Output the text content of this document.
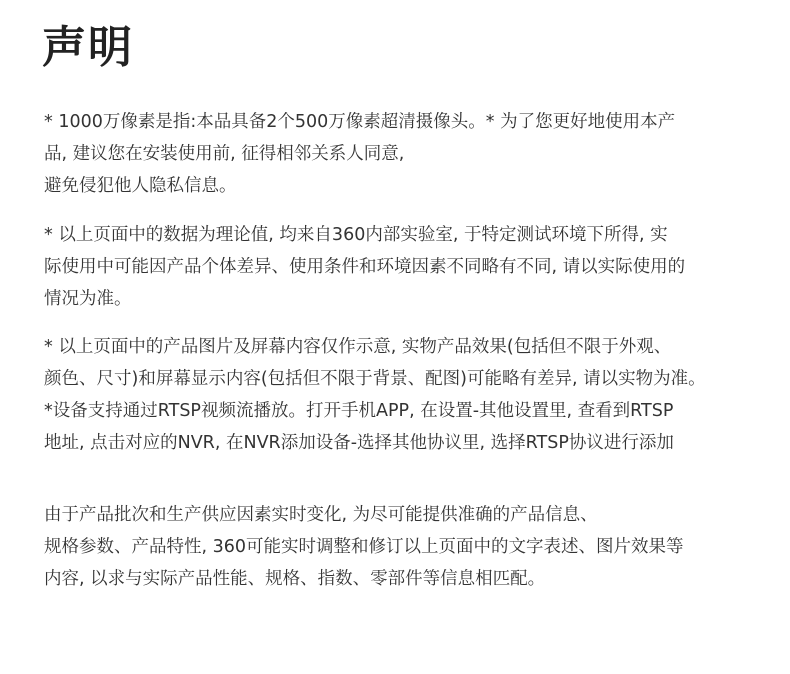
声明
* 1000万像素是指:本品具备2个500万像素超清摄像头。* 为了您更好地使用本产
品, 建议您在安装使用前, 征得相邻关系人同意,
避免侵犯他人隐私信息。
* 以上页面中的数据为理论值, 均来自360内部实验室, 于特定测试环境下所得, 实
际使用中可能因产品个体差异、使用条件和环境因素不同略有不同, 请以实际使用的
情况为准。
* 以上页面中的产品图片及屏幕内容仅作示意, 实物产品效果(包括但不限于外观、
颜色、尺寸)和屏幕显示内容(包括但不限于背景、配图)可能略有差异, 请以实物为准。
*设备支持通过RTSP视频流播放。打开手机APP, 在设置-其他设置里, 查看到RTSP
地址, 点击对应的NVR, 在NVR添加设备-选择其他协议里, 选择RTSP协议进行添加
由于产品批次和生产供应因素实时变化, 为尽可能提供准确的产品信息、
规格参数、产品特性, 360可能实时调整和修订以上页面中的文字表述、图片效果等
内容, 以求与实际产品性能、规格、指数、零部件等信息相匹配。
